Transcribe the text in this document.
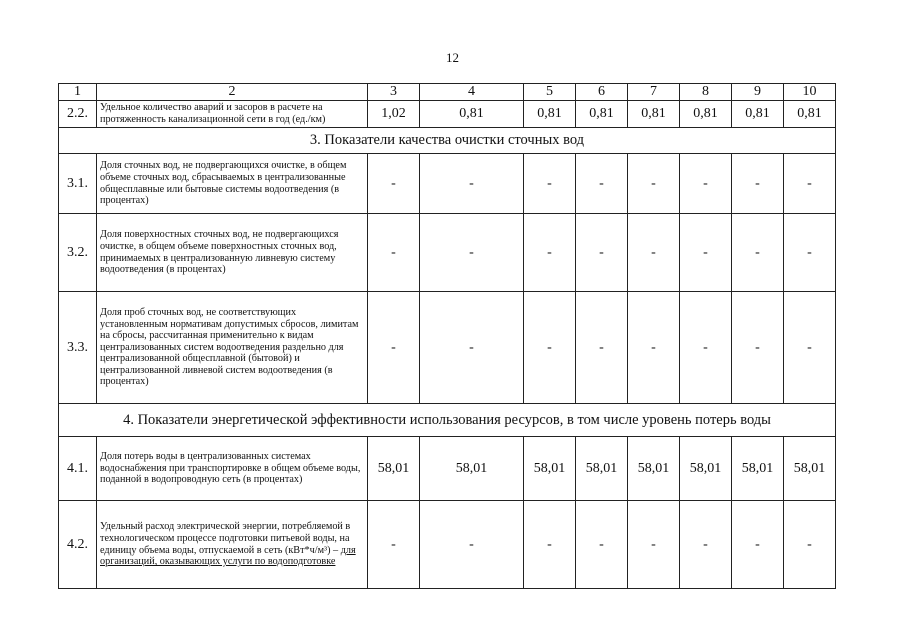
12
1	2	3	4	5	6	7	8	9	10
2.2.	Удельное количество аварий и засоров в расчете на протяженность канализационной сети в год (ед./км)	1,02	0,81	0,81	0,81	0,81	0,81	0,81	0,81
3. Показатели качества очистки сточных вод									
3.1.	Доля сточных вод, не подвергающихся очистке, в общем объеме сточных вод, сбрасываемых в централизованные общесплавные или бытовые системы водоотведения (в процентах)	-	-	-	-	-	-	-	-
3.2.	Доля поверхностных сточных вод, не подвергающихся очистке, в общем объеме поверхностных сточных вод, принимаемых в централизованную ливневую систему водоотведения (в процентах)	-	-	-	-	-	-	-	-
3.3.	Доля проб сточных вод, не соответствующих установленным нормативам допустимых сбросов, лимитам на сбросы, рассчитанная применительно к видам централизованных систем водоотведения раздельно для централизованной общесплавной (бытовой) и централизованной ливневой систем водоотведения (в процентах)	-	-	-	-	-	-	-	-
4. Показатели энергетической эффективности использования ресурсов, в том числе уровень потерь воды									
4.1.	Доля потерь воды в централизованных системах водоснабжения при транспортировке в общем объеме воды, поданной в водопроводную сеть (в процентах)	58,01	58,01	58,01	58,01	58,01	58,01	58,01	58,01
4.2.	Удельный расход электрической энергии, потребляемой в технологическом процессе подготовки питьевой воды, на единицу объема воды, отпускаемой в сеть (кВт*ч/м³) – для организаций, оказывающих услуги по водоподготовке	-	-	-	-	-	-	-	-
